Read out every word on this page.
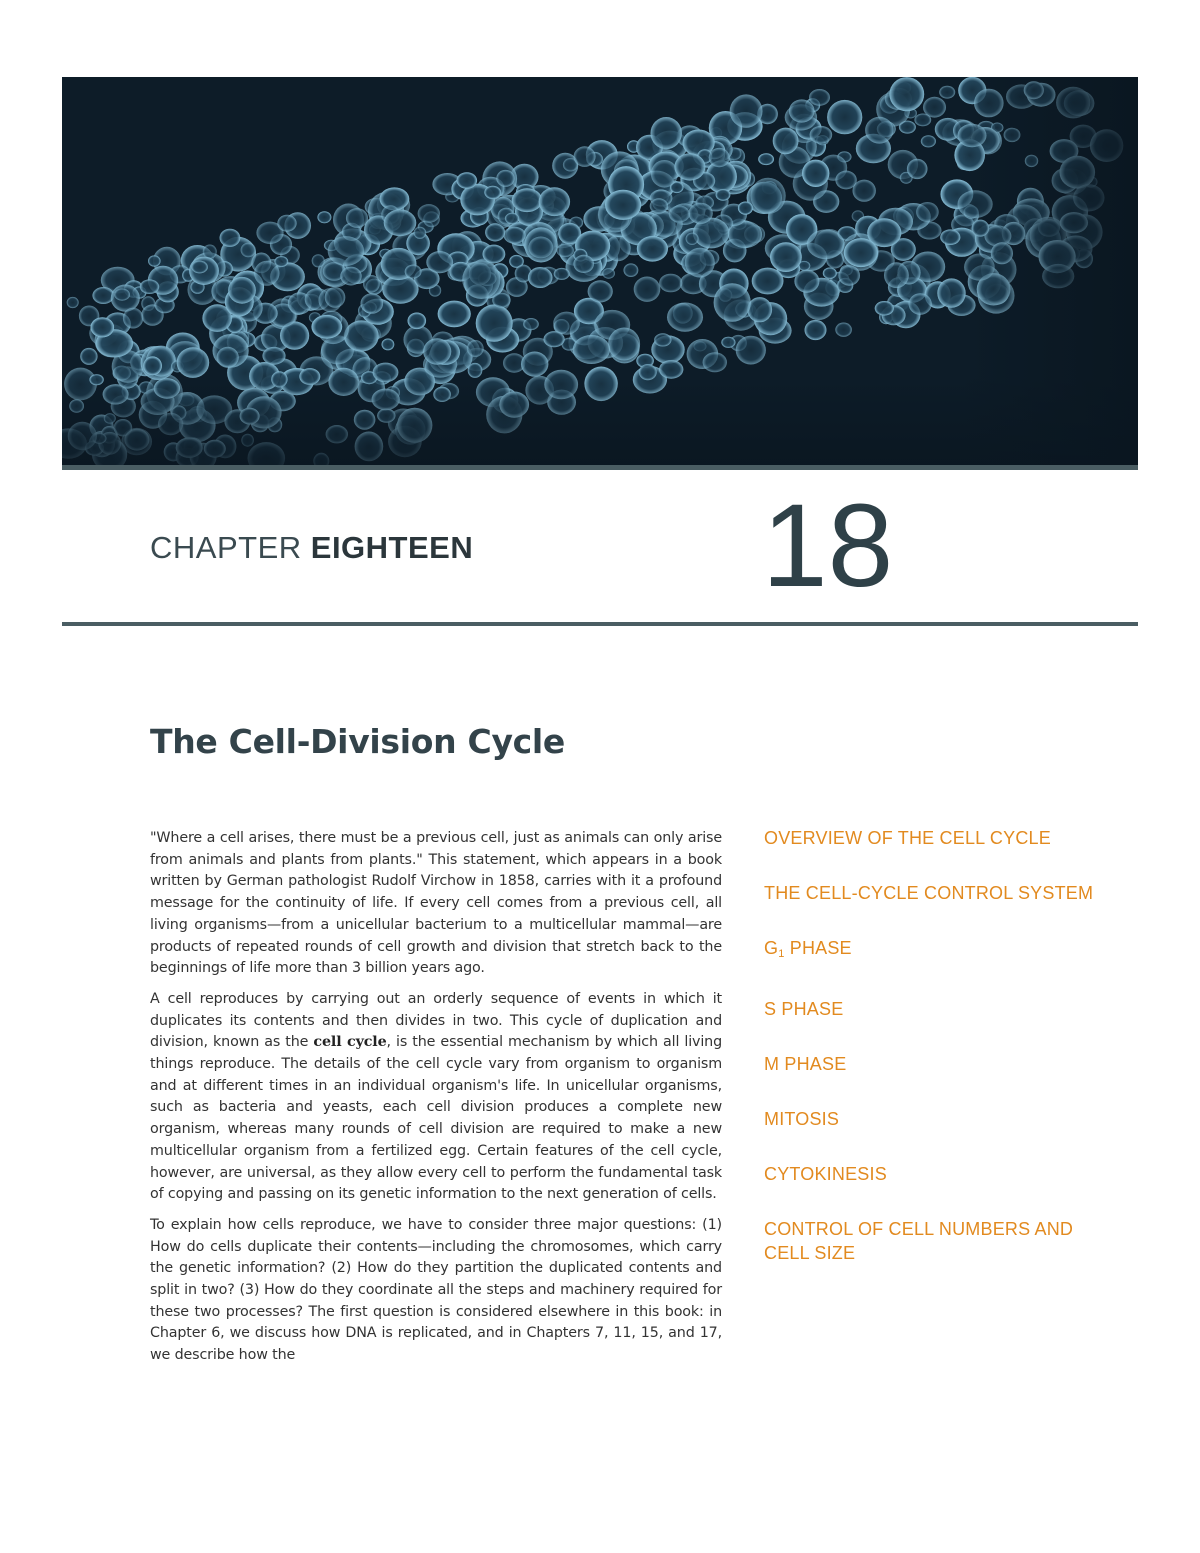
CHAPTER EIGHTEEN 18
The Cell-Division Cycle

"Where a cell arises, there must be a previous cell, just as animals can only arise from animals and plants from plants." This statement, which appears in a book written by German pathologist Rudolf Virchow in 1858, carries with it a profound message for the continuity of life. If every cell comes from a previous cell, all living organisms—from a unicellular bacterium to a multicellular mammal—are products of repeated rounds of cell growth and division that stretch back to the beginnings of life more than 3 billion years ago.

A cell reproduces by carrying out an orderly sequence of events in which it duplicates its contents and then divides in two. This cycle of duplication and division, known as the cell cycle, is the essential mechanism by which all living things reproduce. The details of the cell cycle vary from organism to organism and at different times in an individual organism's life. In unicellular organisms, such as bacteria and yeasts, each cell division produces a complete new organism, whereas many rounds of cell division are required to make a new multicellular organism from a fertilized egg. Certain features of the cell cycle, however, are universal, as they allow every cell to perform the fundamental task of copying and passing on its genetic information to the next generation of cells.

To explain how cells reproduce, we have to consider three major questions: (1) How do cells duplicate their contents—including the chromosomes, which carry the genetic information? (2) How do they partition the duplicated contents and split in two? (3) How do they coordinate all the steps and machinery required for these two processes? The first question is considered elsewhere in this book: in Chapter 6, we discuss how DNA is replicated, and in Chapters 7, 11, 15, and 17, we describe how the

OVERVIEW OF THE CELL CYCLE
THE CELL-CYCLE CONTROL SYSTEM
$G_1$ PHASE
S PHASE
M PHASE
MITOSIS
CYTOKINESIS
CONTROL OF CELL NUMBERS AND CELL SIZE
